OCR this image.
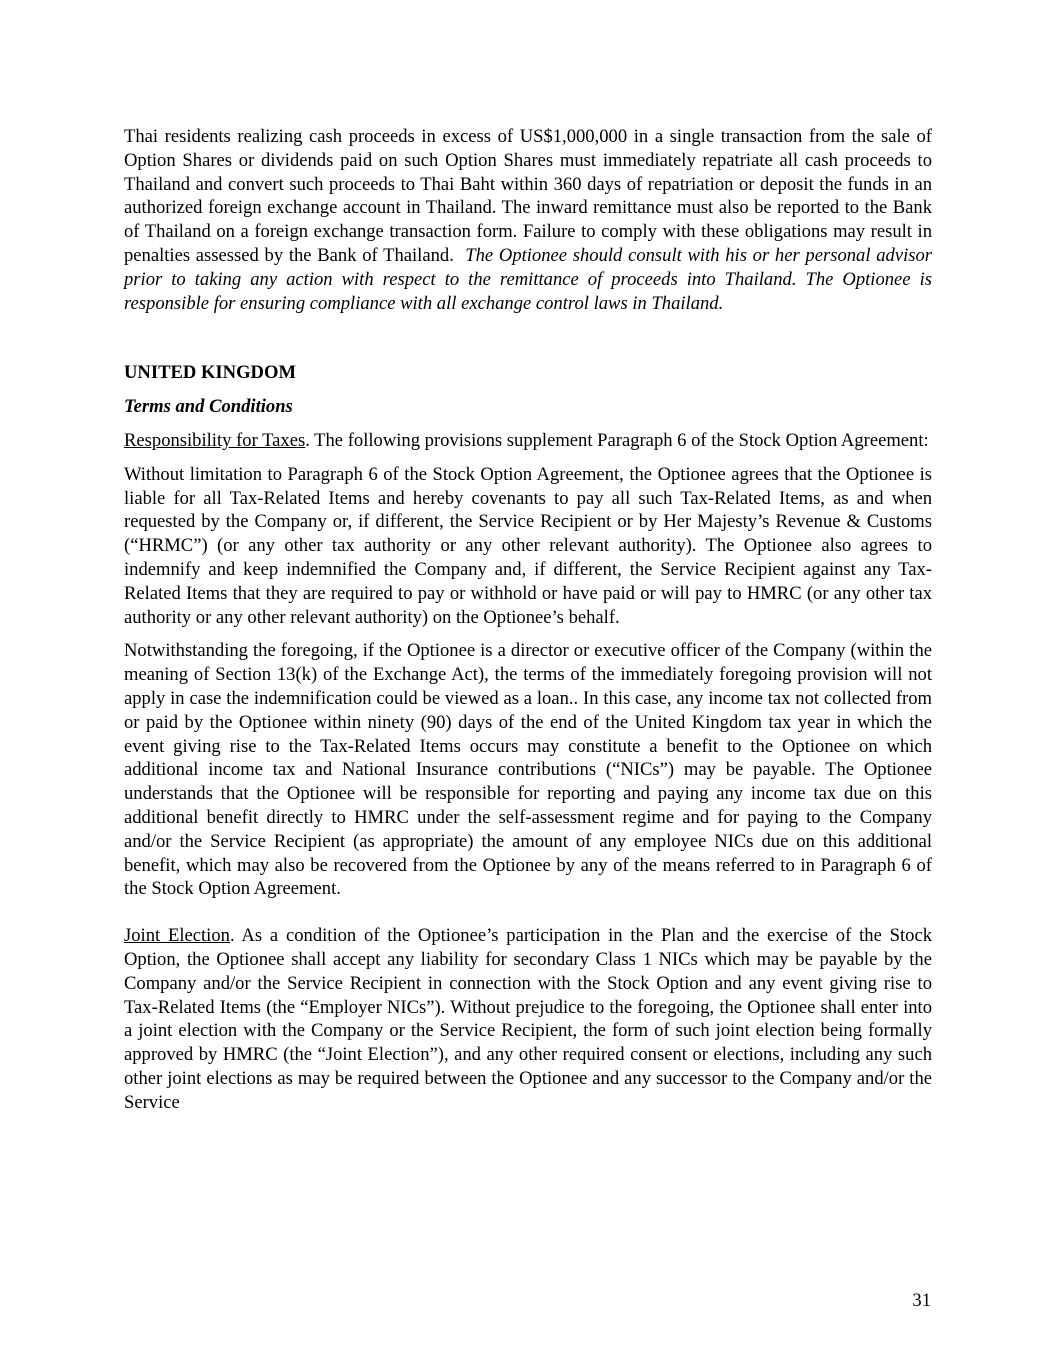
Thai residents realizing cash proceeds in excess of US$1,000,000 in a single transaction from the sale of Option Shares or dividends paid on such Option Shares must immediately repatriate all cash proceeds to Thailand and convert such proceeds to Thai Baht within 360 days of repatriation or deposit the funds in an authorized foreign exchange account in Thailand. The inward remittance must also be reported to the Bank of Thailand on a foreign exchange transaction form. Failure to comply with these obligations may result in penalties assessed by the Bank of Thailand. The Optionee should consult with his or her personal advisor prior to taking any action with respect to the remittance of proceeds into Thailand. The Optionee is responsible for ensuring compliance with all exchange control laws in Thailand.

UNITED KINGDOM

Terms and Conditions

Responsibility for Taxes. The following provisions supplement Paragraph 6 of the Stock Option Agreement:

Without limitation to Paragraph 6 of the Stock Option Agreement, the Optionee agrees that the Optionee is liable for all Tax-Related Items and hereby covenants to pay all such Tax-Related Items, as and when requested by the Company or, if different, the Service Recipient or by Her Majesty’s Revenue & Customs (“HRMC”) (or any other tax authority or any other relevant authority). The Optionee also agrees to indemnify and keep indemnified the Company and, if different, the Service Recipient against any Tax-Related Items that they are required to pay or withhold or have paid or will pay to HMRC (or any other tax authority or any other relevant authority) on the Optionee’s behalf.

Notwithstanding the foregoing, if the Optionee is a director or executive officer of the Company (within the meaning of Section 13(k) of the Exchange Act), the terms of the immediately foregoing provision will not apply in case the indemnification could be viewed as a loan.. In this case, any income tax not collected from or paid by the Optionee within ninety (90) days of the end of the United Kingdom tax year in which the event giving rise to the Tax-Related Items occurs may constitute a benefit to the Optionee on which additional income tax and National Insurance contributions (“NICs”) may be payable. The Optionee understands that the Optionee will be responsible for reporting and paying any income tax due on this additional benefit directly to HMRC under the self-assessment regime and for paying to the Company and/or the Service Recipient (as appropriate) the amount of any employee NICs due on this additional benefit, which may also be recovered from the Optionee by any of the means referred to in Paragraph 6 of the Stock Option Agreement.

Joint Election. As a condition of the Optionee’s participation in the Plan and the exercise of the Stock Option, the Optionee shall accept any liability for secondary Class 1 NICs which may be payable by the Company and/or the Service Recipient in connection with the Stock Option and any event giving rise to Tax-Related Items (the “Employer NICs”). Without prejudice to the foregoing, the Optionee shall enter into a joint election with the Company or the Service Recipient, the form of such joint election being formally approved by HMRC (the “Joint Election”), and any other required consent or elections, including any such other joint elections as may be required between the Optionee and any successor to the Company and/or the Service

31
